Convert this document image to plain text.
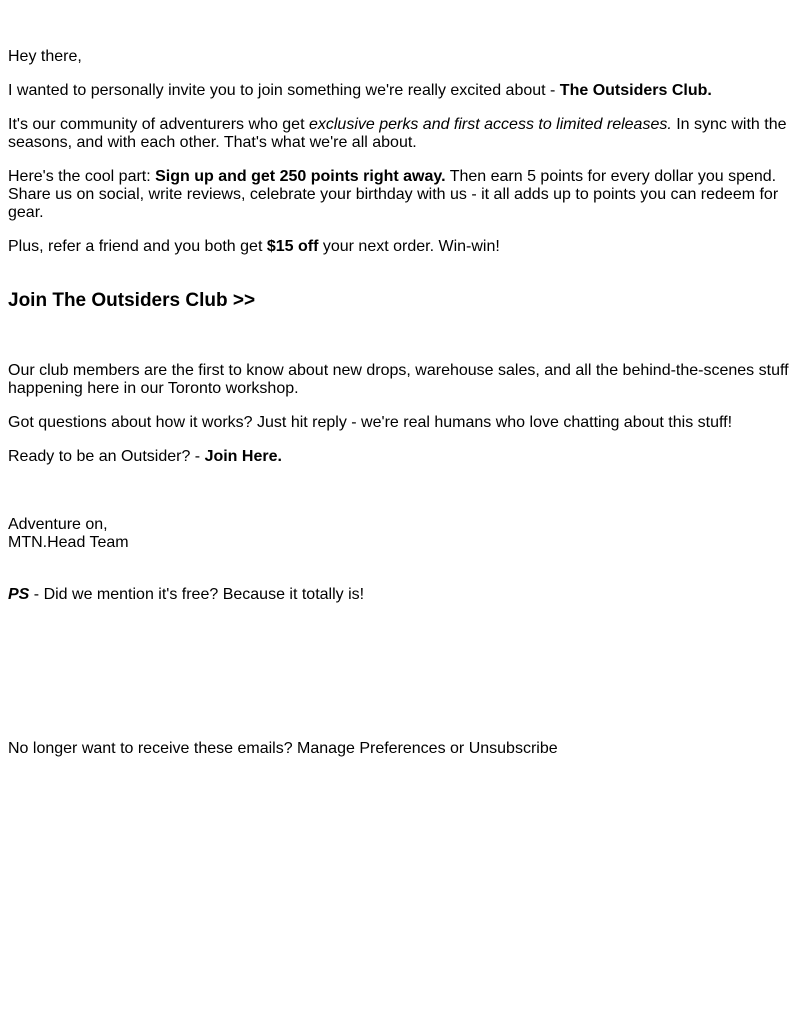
Hey there,

I wanted to personally invite you to join something we're really excited about - The Outsiders Club.

It's our community of adventurers who get exclusive perks and first access to limited releases. In sync with the seasons, and with each other. That's what we're all about.

Here's the cool part: Sign up and get 250 points right away. Then earn 5 points for every dollar you spend. Share us on social, write reviews, celebrate your birthday with us - it all adds up to points you can redeem for gear.

Plus, refer a friend and you both get $15 off your next order. Win-win!

Join The Outsiders Club >>

Our club members are the first to know about new drops, warehouse sales, and all the behind-the-scenes stuff happening here in our Toronto workshop.

Got questions about how it works? Just hit reply - we're real humans who love chatting about this stuff!

Ready to be an Outsider? - Join Here.

Adventure on,
MTN.Head Team

PS - Did we mention it's free? Because it totally is!

No longer want to receive these emails? Manage Preferences or Unsubscribe
